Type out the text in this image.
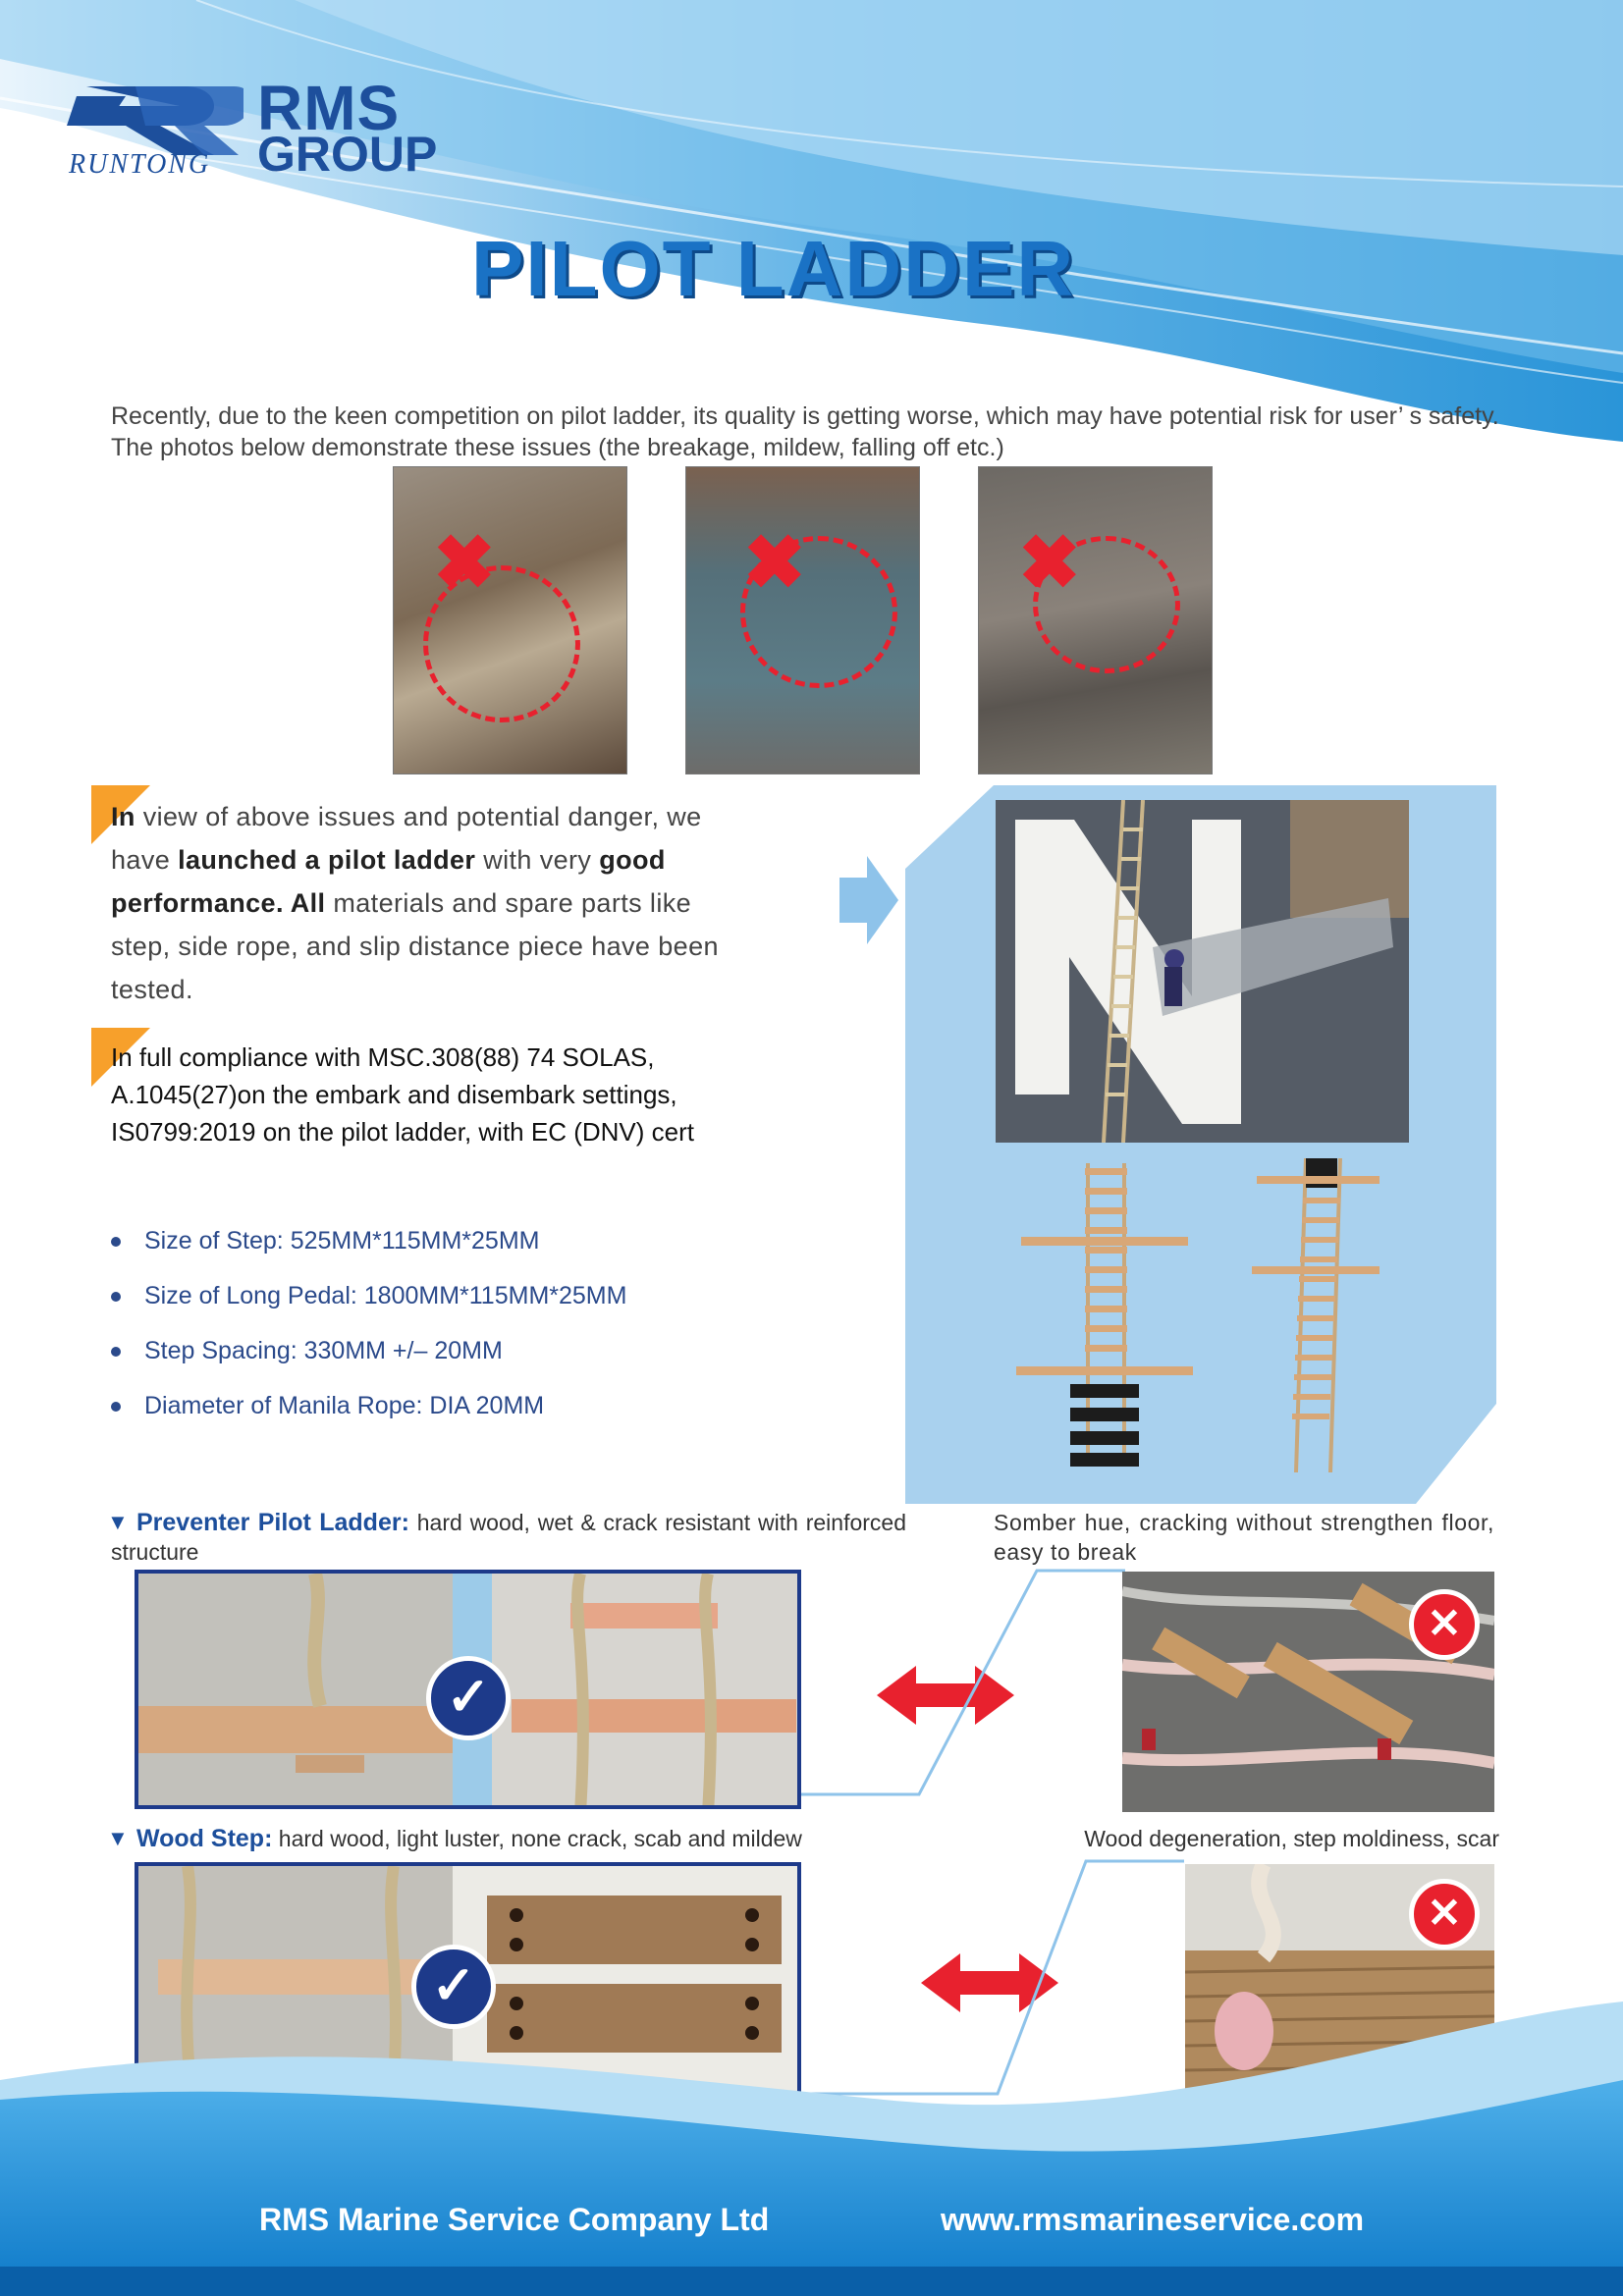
RMS
GROUP
RUNTONG
PILOT LADDER
Recently, due to the keen competition on pilot ladder, its quality is getting worse, which may have potential risk for user’ s safety. The photos below demonstrate these issues (the breakage, mildew, falling off etc.)
✖	✖	✖
In view of above issues and potential danger, we have launched a pilot ladder with very good performance. All materials and spare parts like step, side rope, and slip distance piece have been tested.
In full compliance with MSC.308(88) 74 SOLAS, A.1045(27)on the embark and disembark settings, IS0799:2019 on the pilot ladder, with EC (DNV) cert
Size of Step: 525MM*115MM*25MM
Size of Long Pedal: 1800MM*115MM*25MM
Step Spacing: 330MM +/– 20MM
Diameter of Manila Rope: DIA 20MM
▼ Preventer Pilot Ladder: hard wood, wet & crack resistant with reinforced structure
Somber hue, cracking without strengthen floor, easy to break
✓
✕
▼ Wood Step: hard wood, light luster, none crack, scab and mildew	Wood degeneration, step moldiness, scar
✓
✕
RMS Marine Service Company Ltd	www.rmsmarineservice.com
